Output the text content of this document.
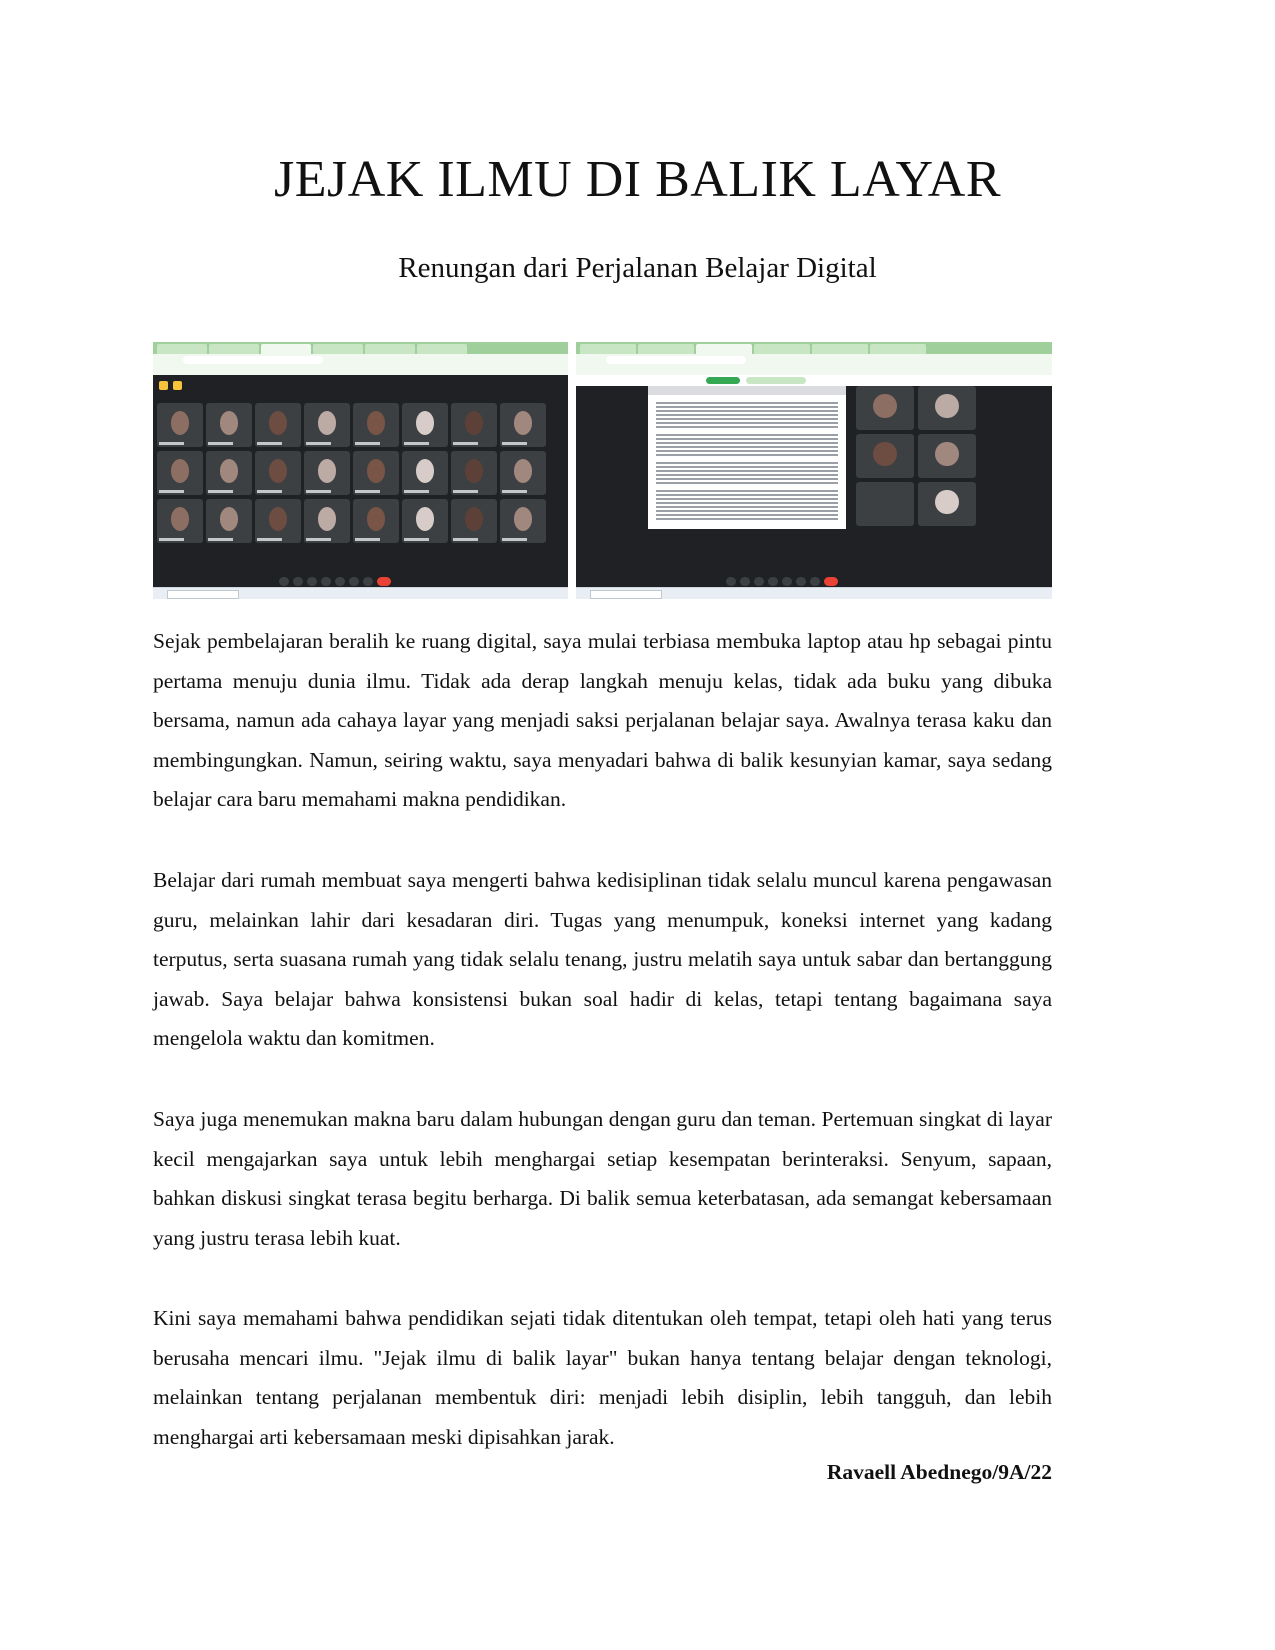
JEJAK ILMU DI BALIK LAYAR
Renungan dari Perjalanan Belajar Digital

Sejak pembelajaran beralih ke ruang digital, saya mulai terbiasa membuka laptop atau hp sebagai pintu pertama menuju dunia ilmu. Tidak ada derap langkah menuju kelas, tidak ada buku yang dibuka bersama, namun ada cahaya layar yang menjadi saksi perjalanan belajar saya. Awalnya terasa kaku dan membingungkan. Namun, seiring waktu, saya menyadari bahwa di balik kesunyian kamar, saya sedang belajar cara baru memahami makna pendidikan.

Belajar dari rumah membuat saya mengerti bahwa kedisiplinan tidak selalu muncul karena pengawasan guru, melainkan lahir dari kesadaran diri. Tugas yang menumpuk, koneksi internet yang kadang terputus, serta suasana rumah yang tidak selalu tenang, justru melatih saya untuk sabar dan bertanggung jawab. Saya belajar bahwa konsistensi bukan soal hadir di kelas, tetapi tentang bagaimana saya mengelola waktu dan komitmen.

Saya juga menemukan makna baru dalam hubungan dengan guru dan teman. Pertemuan singkat di layar kecil mengajarkan saya untuk lebih menghargai setiap kesempatan berinteraksi. Senyum, sapaan, bahkan diskusi singkat terasa begitu berharga. Di balik semua keterbatasan, ada semangat kebersamaan yang justru terasa lebih kuat.

Kini saya memahami bahwa pendidikan sejati tidak ditentukan oleh tempat, tetapi oleh hati yang terus berusaha mencari ilmu. "Jejak ilmu di balik layar" bukan hanya tentang belajar dengan teknologi, melainkan tentang perjalanan membentuk diri: menjadi lebih disiplin, lebih tangguh, dan lebih menghargai arti kebersamaan meski dipisahkan jarak.

Ravaell Abednego/9A/22
